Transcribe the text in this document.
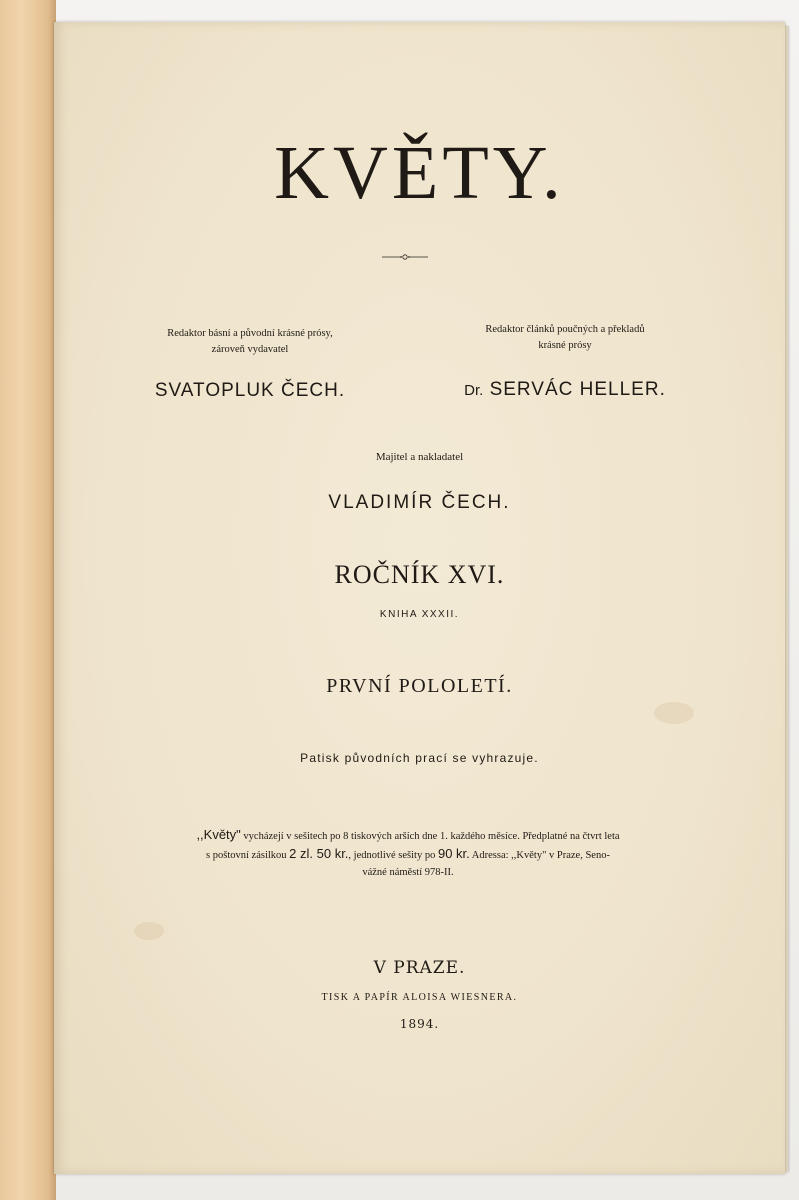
KVĚTY.
Redaktor básní a původní krásné prósy,
zároveň vydavatel
Redaktor článků poučných a překladů
krásné prósy
SVATOPLUK ČECH.	Dr. SERVÁC HELLER.
Majitel a nakladatel
VLADIMÍR ČECH.
ROČNÍK XVI.
KNIHA XXXII.
PRVNÍ POLOLETÍ.
Patisk původních prací se vyhrazuje.
,,Květy" vycházejí v sešitech po 8 tiskových arších dne 1. každého měsíce. Předplatné na čtvrt leta
s poštovní zásilkou 2 zl. 50 kr., jednotlivé sešity po 90 kr. Adressa: ,,Květy" v Praze, Seno-
vážné náměstí 978-II.
V PRAZE.
TISK A PAPÍR ALOISA WIESNERA.
1894.
